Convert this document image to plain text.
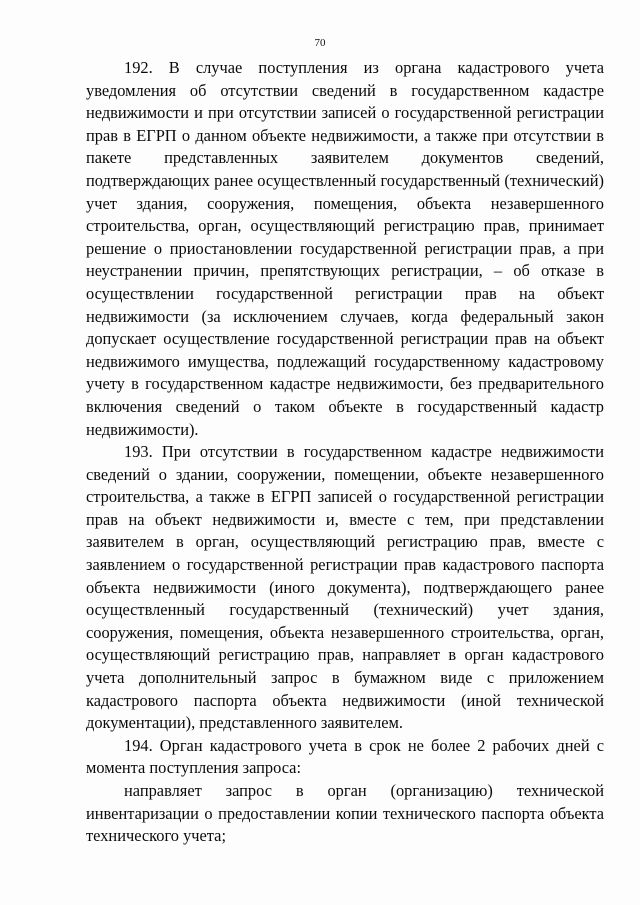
70

192. В случае поступления из органа кадастрового учета уведомления об отсутствии сведений в государственном кадастре недвижимости и при отсутствии записей о государственной регистрации прав в ЕГРП о данном объекте недвижимости, а также при отсутствии в пакете представленных заявителем документов сведений, подтверждающих ранее осуществленный государственный (технический) учет здания, сооружения, помещения, объекта незавершенного строительства, орган, осуществляющий регистрацию прав, принимает решение о приостановлении государственной регистрации прав, а при неустранении причин, препятствующих регистрации, – об отказе в осуществлении государственной регистрации прав на объект недвижимости (за исключением случаев, когда федеральный закон допускает осуществление государственной регистрации прав на объект недвижимого имущества, подлежащий государственному кадастровому учету в государственном кадастре недвижимости, без предварительного включения сведений о таком объекте в государственный кадастр недвижимости).

193. При отсутствии в государственном кадастре недвижимости сведений о здании, сооружении, помещении, объекте незавершенного строительства, а также в ЕГРП записей о государственной регистрации прав на объект недвижимости и, вместе с тем, при представлении заявителем в орган, осуществляющий регистрацию прав, вместе с заявлением о государственной регистрации прав кадастрового паспорта объекта недвижимости (иного документа), подтверждающего ранее осуществленный государственный (технический) учет здания, сооружения, помещения, объекта незавершенного строительства, орган, осуществляющий регистрацию прав, направляет в орган кадастрового учета дополнительный запрос в бумажном виде с приложением кадастрового паспорта объекта недвижимости (иной технической документации), представленного заявителем.

194. Орган кадастрового учета в срок не более 2 рабочих дней с момента поступления запроса:

направляет запрос в орган (организацию) технической инвентаризации о предоставлении копии технического паспорта объекта технического учета;
